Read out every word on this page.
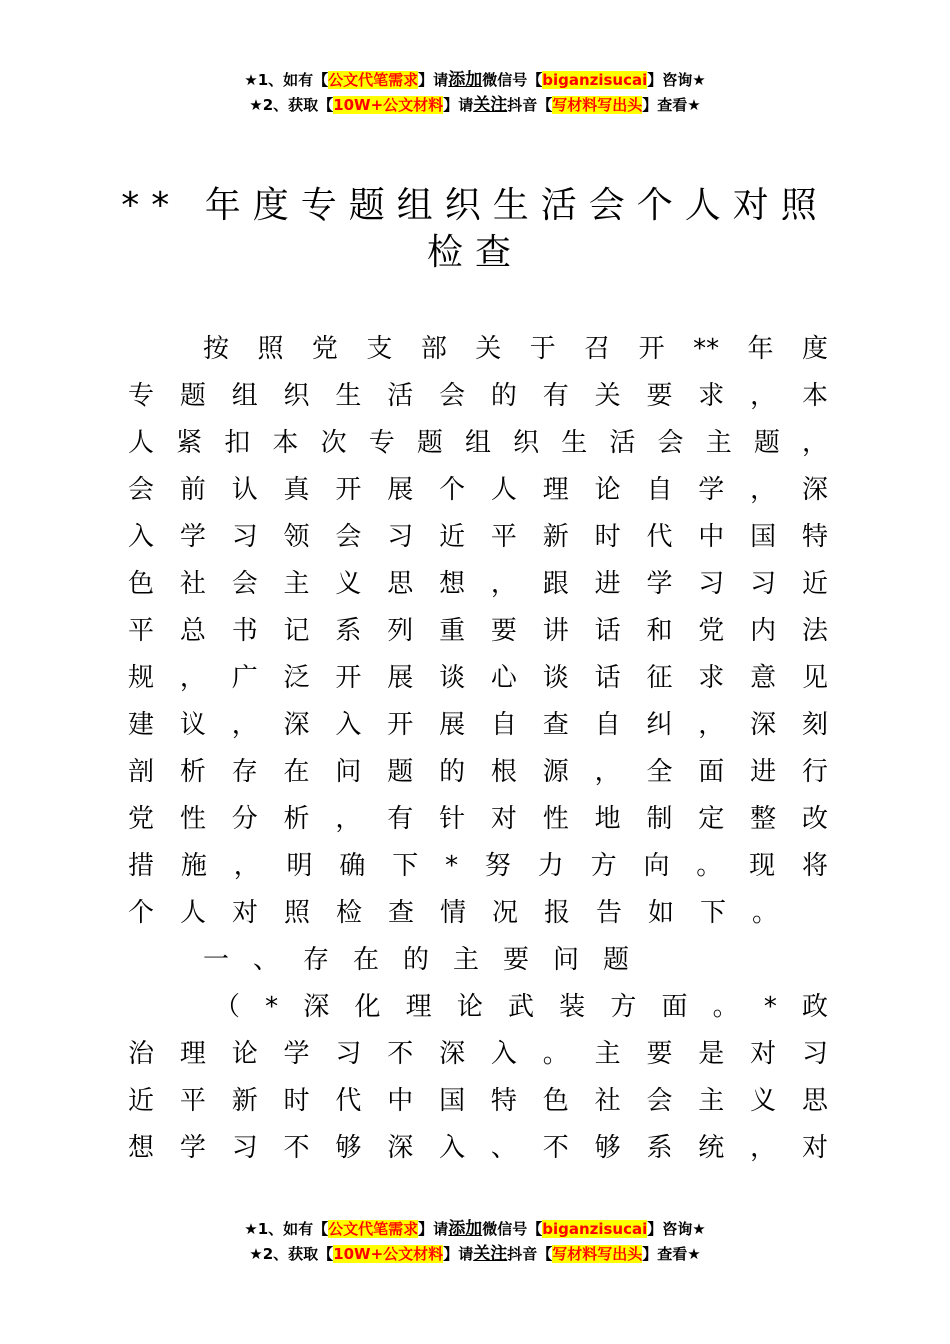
★1、如有【公文代笔需求】请添加微信号【biganzisucai】咨询★
★2、获取【10W+公文材料】请关注抖音【写材料写出头】查看★
** 年度专题组织生活会个人对照
检查
按照党支部关于召开**年度
专题组织生活会的有关要求，本
人紧扣本次专题组织生活会主题，
会前认真开展个人理论自学，深
入学习领会习近平新时代中国特
色社会主义思想，跟进学习习近
平总书记系列重要讲话和党内法
规，广泛开展谈心谈话征求意见
建议，深入开展自查自纠，深刻
剖析存在问题的根源，全面进行
党性分析，有针对性地制定整改
措施，明确下*努力方向。现将
个人对照检查情况报告如下。
一、存在的主要问题
（*深化理论武装方面。*政
治理论学习不深入。主要是对习
近平新时代中国特色社会主义思
想学习不够深入、不够系统，对
★1、如有【公文代笔需求】请添加微信号【biganzisucai】咨询★
★2、获取【10W+公文材料】请关注抖音【写材料写出头】查看★
